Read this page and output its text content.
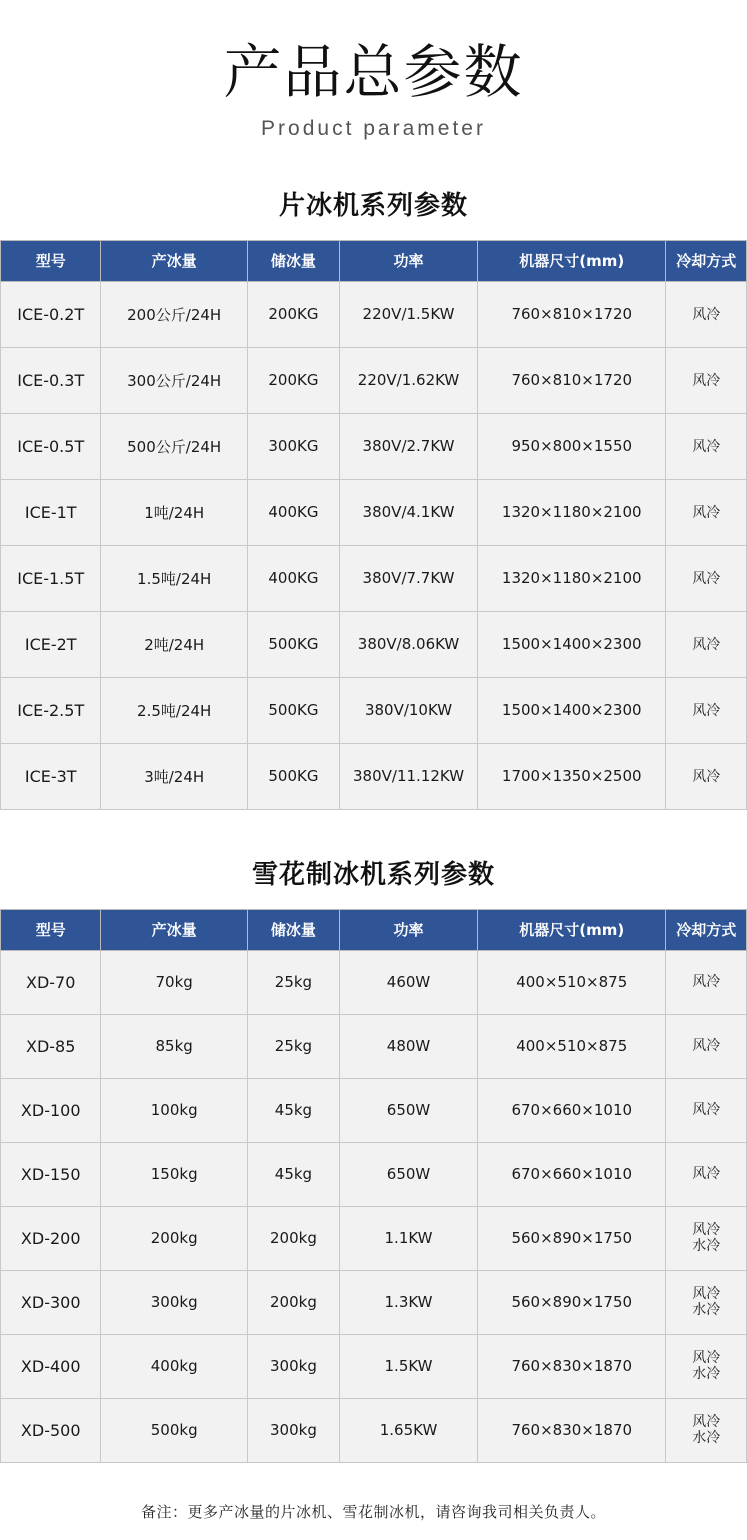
产品总参数
Product parameter
片冰机系列参数
型号	产冰量	储冰量	功率	机器尺寸(mm)	冷却方式
ICE-0.2T	200公斤/24H	200KG	220V/1.5KW	760×810×1720	风冷
ICE-0.3T	300公斤/24H	200KG	220V/1.62KW	760×810×1720	风冷
ICE-0.5T	500公斤/24H	300KG	380V/2.7KW	950×800×1550	风冷
ICE-1T	1吨/24H	400KG	380V/4.1KW	1320×1180×2100	风冷
ICE-1.5T	1.5吨/24H	400KG	380V/7.7KW	1320×1180×2100	风冷
ICE-2T	2吨/24H	500KG	380V/8.06KW	1500×1400×2300	风冷
ICE-2.5T	2.5吨/24H	500KG	380V/10KW	1500×1400×2300	风冷
ICE-3T	3吨/24H	500KG	380V/11.12KW	1700×1350×2500	风冷
雪花制冰机系列参数
型号	产冰量	储冰量	功率	机器尺寸(mm)	冷却方式
XD-70	70kg	25kg	460W	400×510×875	风冷
XD-85	85kg	25kg	480W	400×510×875	风冷
XD-100	100kg	45kg	650W	670×660×1010	风冷
XD-150	150kg	45kg	650W	670×660×1010	风冷
XD-200	200kg	200kg	1.1KW	560×890×1750	风冷
水冷
XD-300	300kg	200kg	1.3KW	560×890×1750	风冷
水冷
XD-400	400kg	300kg	1.5KW	760×830×1870	风冷
水冷
XD-500	500kg	300kg	1.65KW	760×830×1870	风冷
水冷
备注：更多产冰量的片冰机、雪花制冰机，请咨询我司相关负责人。
